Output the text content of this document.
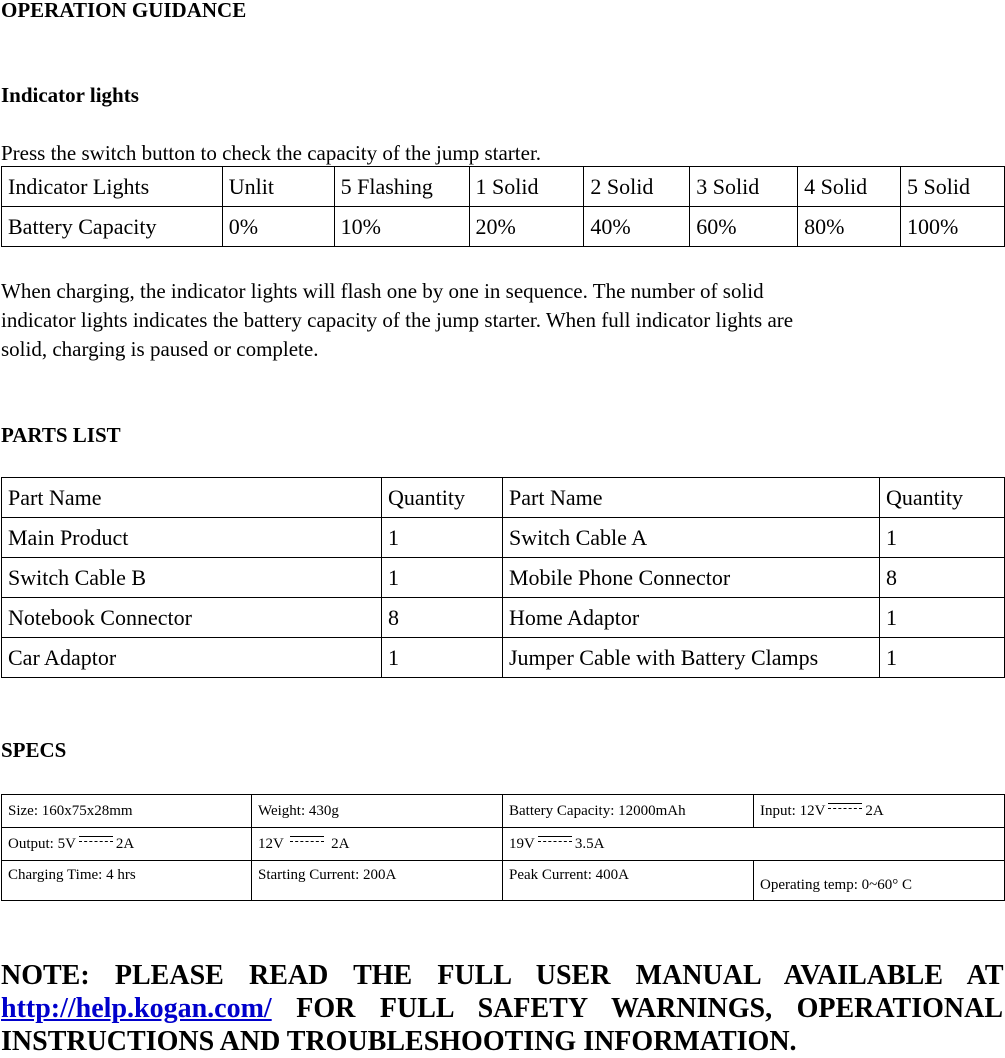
OPERATION GUIDANCE
Indicator lights
Press the switch button to check the capacity of the jump starter.
Indicator Lights	Unlit	5 Flashing	1 Solid	2 Solid	3 Solid	4 Solid	5 Solid
Battery Capacity	0%	10%	20%	40%	60%	80%	100%
When charging, the indicator lights will flash one by one in sequence. The number of solid
indicator lights indicates the battery capacity of the jump starter. When full indicator lights are
solid, charging is paused or complete.
PARTS LIST
Part Name	Quantity	Part Name	Quantity
Main Product	1	Switch Cable A	1
Switch Cable B	1	Mobile Phone Connector	8
Notebook Connector	8	Home Adaptor	1
Car Adaptor	1	Jumper Cable with Battery Clamps	1
SPECS
Size: 160x75x28mm	Weight: 430g	Battery Capacity: 12000mAh	Input: 12V 2A
Output: 5V 2A	12V 2A	19V 3.5A	
Charging Time: 4 hrs	Starting Current: 200A	Peak Current: 400A	Operating temp: 0~60° C
NOTE: PLEASE READ THE FULL USER MANUAL AVAILABLE AT http://help.kogan.com/ FOR FULL SAFETY WARNINGS, OPERATIONAL INSTRUCTIONS AND TROUBLESHOOTING INFORMATION.
